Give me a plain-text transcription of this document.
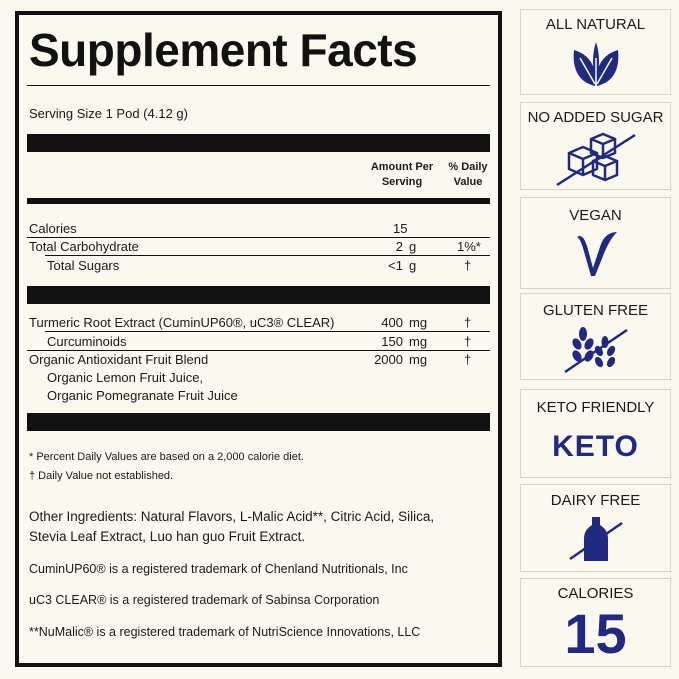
Supplement Facts
Serving Size 1 Pod (4.12 g)
Amount Per
Serving
% Daily
Value
Calories	15
Total Carbohydrate	2 g	1%*
Total Sugars	<1 g	†
Turmeric Root Extract (CuminUP60®, uC3® CLEAR)	400 mg	†
Curcuminoids	150 mg	†
Organic Antioxidant Fruit Blend	2000 mg	†
Organic Lemon Fruit Juice,
Organic Pomegranate Fruit Juice
* Percent Daily Values are based on a 2,000 calorie diet.
† Daily Value not established.
Other Ingredients: Natural Flavors, L-Malic Acid**, Citric Acid, Silica,
Stevia Leaf Extract, Luo han guo Fruit Extract.
CuminUP60® is a registered trademark of Chenland Nutritionals, Inc
uC3 CLEAR® is a registered trademark of Sabinsa Corporation
**NuMalic® is a registered trademark of NutriScience Innovations, LLC
ALL NATURAL
NO ADDED SUGAR
VEGAN
GLUTEN FREE
KETO FRIENDLY
KETO
DAIRY FREE
CALORIES
15
